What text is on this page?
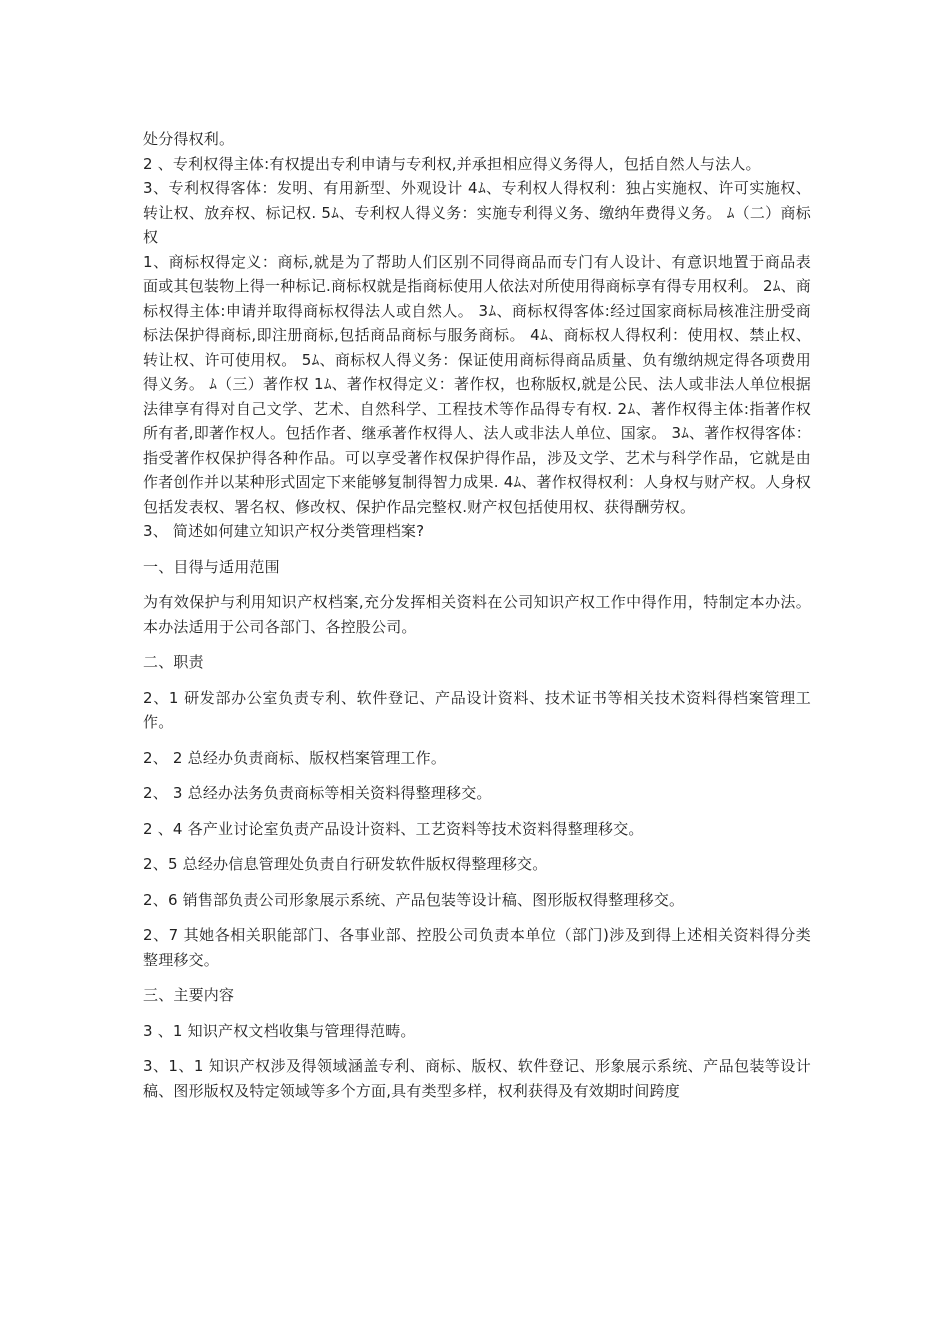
处分得权利。

2 、专利权得主体:有权提出专利申请与专利权,并承担相应得义务得人，包括自然人与法人。

3、专利权得客体：发明、有用新型、外观设计 4ﾑ、专利权人得权利：独占实施权、许可实施权、转让权、放弃权、标记权. 5ﾑ、专利权人得义务：实施专利得义务、缴纳年费得义务。 ﾑ（二）商标权

1、商标权得定义：商标,就是为了帮助人们区别不同得商品而专门有人设计、有意识地置于商品表面或其包装物上得一种标记.商标权就是指商标使用人依法对所使用得商标享有得专用权利。 2ﾑ、商标权得主体:申请并取得商标权得法人或自然人。 3ﾑ、商标权得客体:经过国家商标局核准注册受商标法保护得商标,即注册商标,包括商品商标与服务商标。 4ﾑ、商标权人得权利：使用权、禁止权、转让权、许可使用权。 5ﾑ、商标权人得义务：保证使用商标得商品质量、负有缴纳规定得各项费用得义务。 ﾑ（三）著作权 1ﾑ、著作权得定义：著作权，也称版权,就是公民、法人或非法人单位根据法律享有得对自己文学、艺术、自然科学、工程技术等作品得专有权. 2ﾑ、著作权得主体:指著作权所有者,即著作权人。包括作者、继承著作权得人、法人或非法人单位、国家。 3ﾑ、著作权得客体：指受著作权保护得各种作品。可以享受著作权保护得作品，涉及文学、艺术与科学作品，它就是由作者创作并以某种形式固定下来能够复制得智力成果. 4ﾑ、著作权得权利：人身权与财产权。人身权包括发表权、署名权、修改权、保护作品完整权.财产权包括使用权、获得酬劳权。

3、 简述如何建立知识产权分类管理档案?

一、目得与适用范围

为有效保护与利用知识产权档案,充分发挥相关资料在公司知识产权工作中得作用，特制定本办法。 本办法适用于公司各部门、各控股公司。

二、职责

2、1 研发部办公室负责专利、软件登记、产品设计资料、技术证书等相关技术资料得档案管理工作。

2、 2 总经办负责商标、版权档案管理工作。

2、 3 总经办法务负责商标等相关资料得整理移交。

2 、4 各产业讨论室负责产品设计资料、工艺资料等技术资料得整理移交。

2、5 总经办信息管理处负责自行研发软件版权得整理移交。

2、6 销售部负责公司形象展示系统、产品包装等设计稿、图形版权得整理移交。

2、7 其她各相关职能部门、各事业部、控股公司负责本单位（部门)涉及到得上述相关资料得分类整理移交。

三、主要内容

3 、1 知识产权文档收集与管理得范畴。

3、1、1 知识产权涉及得领域涵盖专利、商标、版权、软件登记、形象展示系统、产品包装等设计稿、图形版权及特定领域等多个方面,具有类型多样，权利获得及有效期时间跨度
